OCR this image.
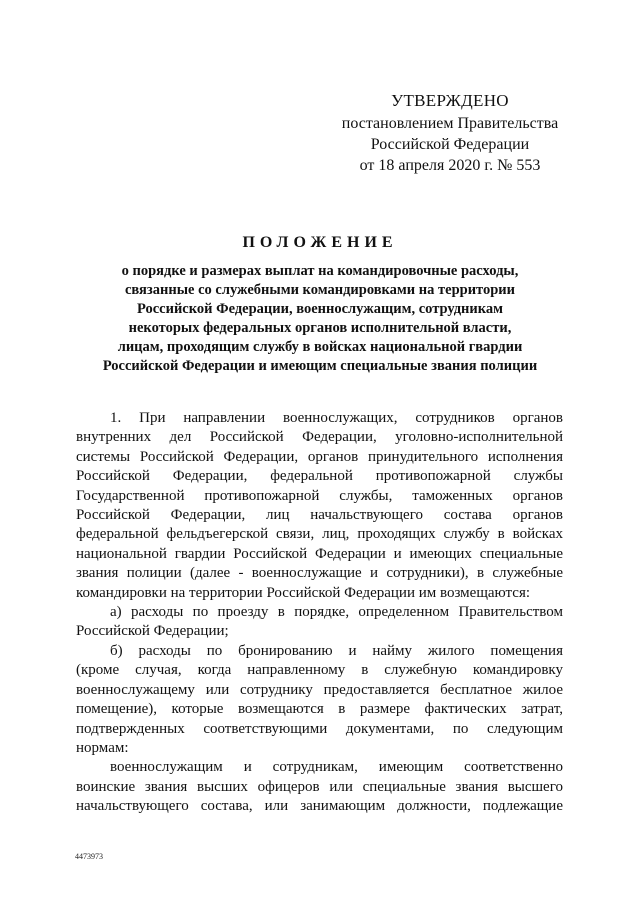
УТВЕРЖДЕНО
постановлением Правительства
Российской Федерации
от 18 апреля 2020 г. № 553
ПОЛОЖЕНИЕ
о порядке и размерах выплат на командировочные расходы,
связанные со служебными командировками на территории
Российской Федерации, военнослужащим, сотрудникам
некоторых федеральных органов исполнительной власти,
лицам, проходящим службу в войсках национальной гвардии
Российской Федерации и имеющим специальные звания полиции
1. При направлении военнослужащих, сотрудников органов
внутренних дел Российской Федерации, уголовно-исполнительной
системы Российской Федерации, органов принудительного исполнения
Российской Федерации, федеральной противопожарной службы
Государственной противопожарной службы, таможенных органов
Российской Федерации, лиц начальствующего состава органов
федеральной фельдъегерской связи, лиц, проходящих службу в войсках
национальной гвардии Российской Федерации и имеющих специальные
звания полиции (далее - военнослужащие и сотрудники), в служебные
командировки на территории Российской Федерации им возмещаются:
а) расходы по проезду в порядке, определенном Правительством
Российской Федерации;
б) расходы по бронированию и найму жилого помещения
(кроме случая, когда направленному в служебную командировку
военнослужащему или сотруднику предоставляется бесплатное жилое
помещение), которые возмещаются в размере фактических затрат,
подтвержденных соответствующими документами, по следующим
нормам:
военнослужащим и сотрудникам, имеющим соответственно
воинские звания высших офицеров или специальные звания высшего
начальствующего состава, или занимающим должности, подлежащие
4473973
